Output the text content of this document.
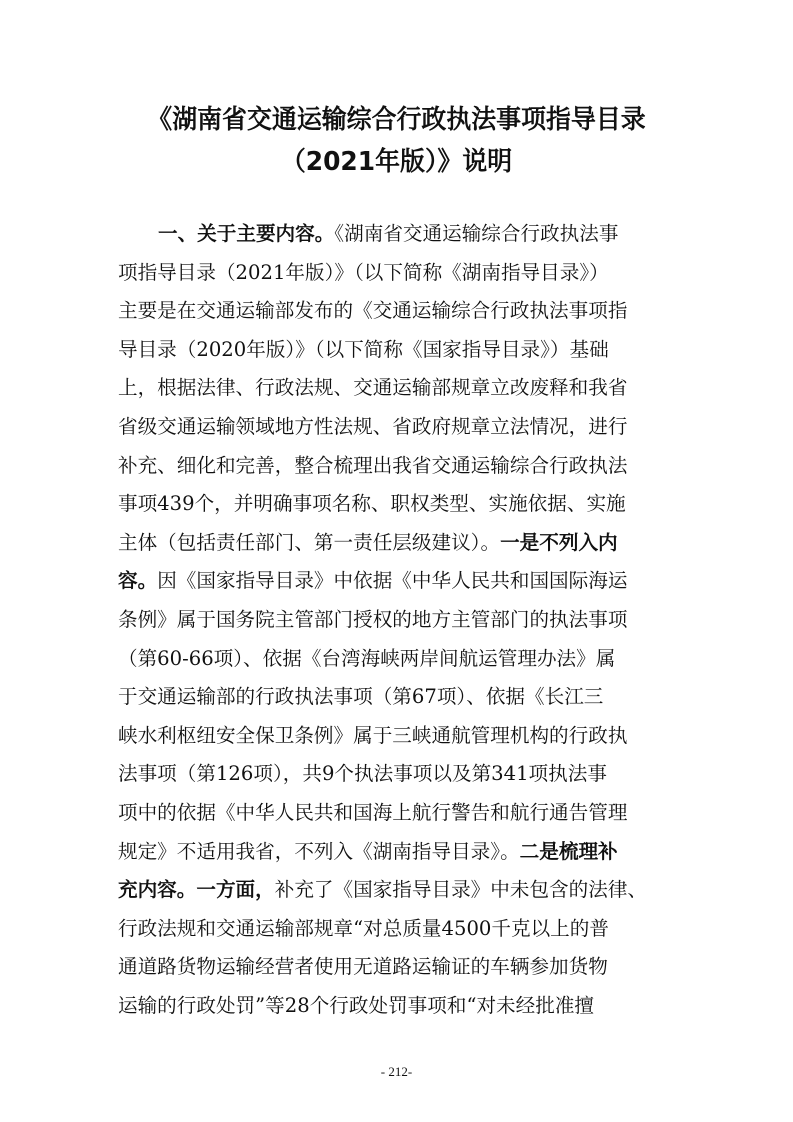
《湖南省交通运输综合行政执法事项指导目录
（2021年版）》说明
一、关于主要内容。《湖南省交通运输综合行政执法事
项指导目录（2021年版）》（以下简称《湖南指导目录》）
主要是在交通运输部发布的《交通运输综合行政执法事项指
导目录（2020年版）》（以下简称《国家指导目录》）基础
上，根据法律、行政法规、交通运输部规章立改废释和我省
省级交通运输领域地方性法规、省政府规章立法情况，进行
补充、细化和完善，整合梳理出我省交通运输综合行政执法
事项439个，并明确事项名称、职权类型、实施依据、实施
主体（包括责任部门、第一责任层级建议）。一是不列入内
容。因《国家指导目录》中依据《中华人民共和国国际海运
条例》属于国务院主管部门授权的地方主管部门的执法事项
（第60-66项）、依据《台湾海峡两岸间航运管理办法》属
于交通运输部的行政执法事项（第67项）、依据《长江三
峡水利枢纽安全保卫条例》属于三峡通航管理机构的行政执
法事项（第126项），共9个执法事项以及第341项执法事
项中的依据《中华人民共和国海上航行警告和航行通告管理
规定》不适用我省，不列入《湖南指导目录》。二是梳理补
充内容。一方面，补充了《国家指导目录》中未包含的法律、
行政法规和交通运输部规章“对总质量4500千克以上的普
通道路货物运输经营者使用无道路运输证的车辆参加货物
运输的行政处罚”等28个行政处罚事项和“对未经批准擅
- 212-
